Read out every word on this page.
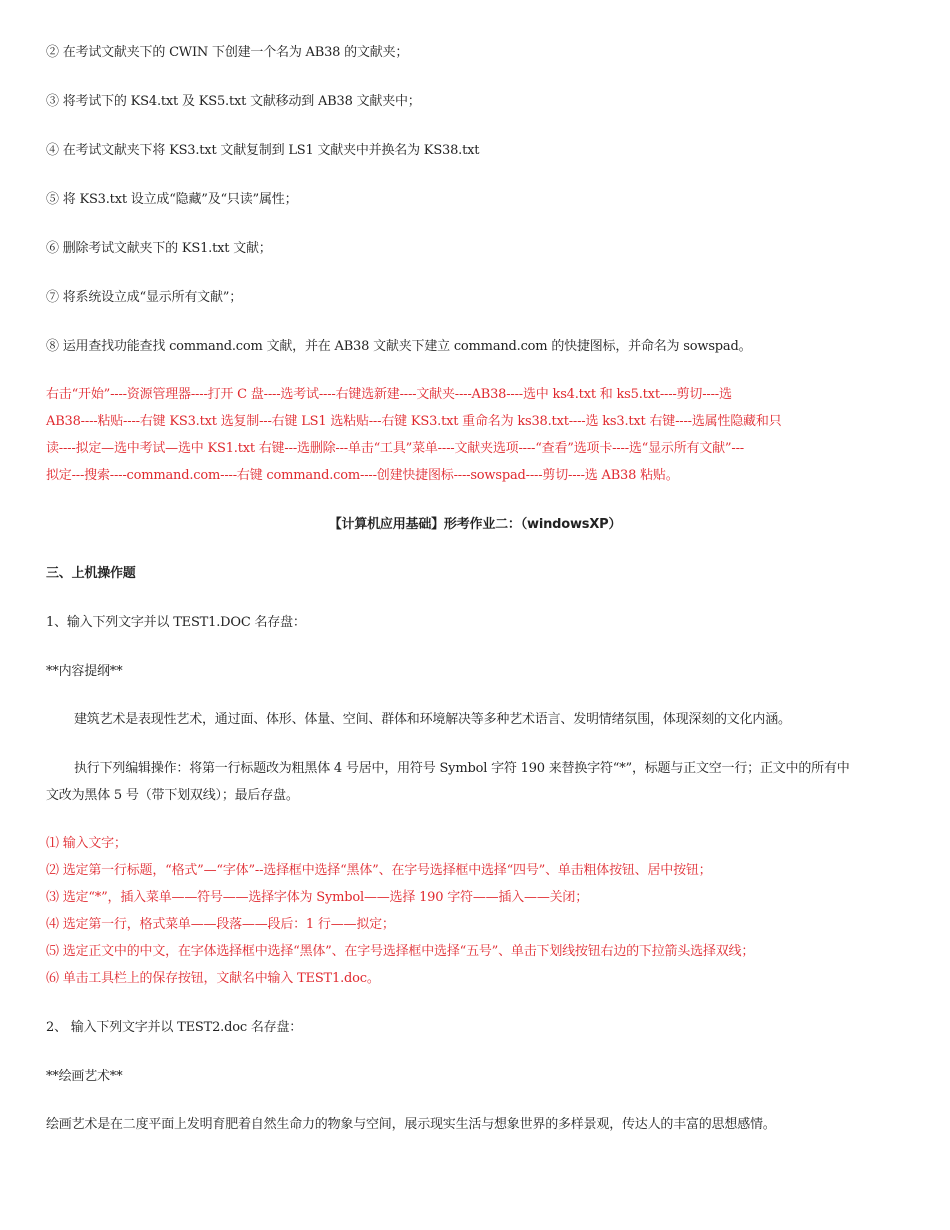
② 在考试文献夹下的 CWIN 下创建一个名为 AB38 的文献夹；
③ 将考试下的 KS4.txt 及 KS5.txt 文献移动到 AB38 文献夹中；
④ 在考试文献夹下将 KS3.txt 文献复制到 LS1 文献夹中并换名为 KS38.txt
⑤ 将 KS3.txt 设立成“隐藏”及“只读”属性；
⑥ 删除考试文献夹下的 KS1.txt 文献；
⑦ 将系统设立成“显示所有文献”；
⑧ 运用查找功能查找 command.com 文献，并在 AB38 文献夹下建立 command.com 的快捷图标，并命名为 sowspad。
右击“开始”----资源管理器----打开 C 盘----选考试----右键选新建----文献夹----AB38----选中 ks4.txt 和 ks5.txt----剪切----选
AB38----粘贴----右键 KS3.txt 选复制---右键 LS1 选粘贴---右键 KS3.txt 重命名为 ks38.txt----选 ks3.txt 右键----选属性隐藏和只
读----拟定—选中考试—选中 KS1.txt 右键---选删除---单击“工具”菜单----文献夹选项----“查看”选项卡----选“显示所有文献”---
拟定---搜索----command.com----右键 command.com----创建快捷图标----sowspad----剪切----选 AB38 粘贴。
【计算机应用基础】形考作业二：（windowsXP）
三、上机操作题
1、输入下列文字并以 TEST1.DOC 名存盘：
**内容提纲**
建筑艺术是表现性艺术，通过面、体形、体量、空间、群体和环境解决等多种艺术语言、发明情绪氛围，体现深刻的文化内涵。
执行下列编辑操作：将第一行标题改为粗黑体 4 号居中，用符号 Symbol 字符 190 来替换字符“*”，标题与正文空一行；正文中的所有中
文改为黑体 5 号（带下划双线）；最后存盘。
⑴ 输入文字；
⑵ 选定第一行标题，“格式”—“字体”--选择框中选择“黑体”、在字号选择框中选择“四号”、单击粗体按钮、居中按钮；
⑶ 选定“*”，插入菜单——符号——选择字体为 Symbol——选择 190 字符——插入——关闭；
⑷ 选定第一行，格式菜单——段落——段后：1 行——拟定；
⑸ 选定正文中的中文，在字体选择框中选择“黑体”、在字号选择框中选择“五号”、单击下划线按钮右边的下拉箭头选择双线；
⑹ 单击工具栏上的保存按钮，文献名中输入 TEST1.doc。
2、 输入下列文字并以 TEST2.doc 名存盘：
**绘画艺术**
绘画艺术是在二度平面上发明育肥着自然生命力的物象与空间，展示现实生活与想象世界的多样景观，传达人的丰富的思想感情。
